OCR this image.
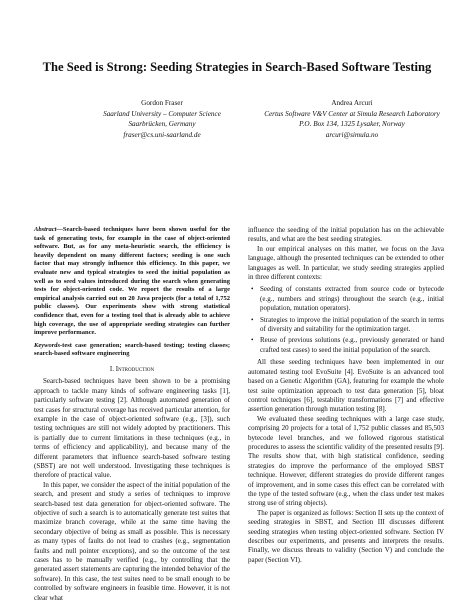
The Seed is Strong: Seeding Strategies in Search-Based Software Testing
Gordon Fraser
Saarland University – Computer Science
Saarbrücken, Germany
fraser@cs.uni-saarland.de
Andrea Arcuri
Certus Software V&V Center at Simula Research Laboratory
P.O. Box 134, 1325 Lysaker, Norway
arcuri@simula.no
Abstract—Search-based techniques have been shown useful for the task of generating tests, for example in the case of object-oriented software. But, as for any meta-heuristic search, the efficiency is heavily dependent on many different factors; seeding is one such factor that may strongly influence this efficiency. In this paper, we evaluate new and typical strategies to seed the initial population as well as to seed values introduced during the search when generating tests for object-oriented code. We report the results of a large empirical analysis carried out on 20 Java projects (for a total of 1,752 public classes). Our experiments show with strong statistical confidence that, even for a testing tool that is already able to achieve high coverage, the use of appropriate seeding strategies can further improve performance.
Keywords-test case generation; search-based testing; testing classes; search-based software engineering
I. Introduction

Search-based techniques have been shown to be a promising approach to tackle many kinds of software engineering tasks [1], particularly software testing [2]. Although automated generation of test cases for structural coverage has received particular attention, for example in the case of object-oriented software (e.g., [3]), such testing techniques are still not widely adopted by practitioners. This is partially due to current limitations in these techniques (e.g., in terms of efficiency and applicability), and because many of the different parameters that influence search-based software testing (SBST) are not well understood. Investigating these techniques is therefore of practical value.

In this paper, we consider the aspect of the initial population of the search, and present and study a series of techniques to improve search-based test data generation for object-oriented software. The objective of such a search is to automatically generate test suites that maximize branch coverage, while at the same time having the secondary objective of being as small as possible. This is necessary as many types of faults do not lead to crashes (e.g., segmentation faults and null pointer exceptions), and so the outcome of the test cases has to be manually verified (e.g., by controlling that the generated assert statements are capturing the intended behavior of the software). In this case, the test suites need to be small enough to be controlled by software engineers in feasible time. However, it is not clear what

influence the seeding of the initial population has on the achievable results, and what are the best seeding strategies.

In our empirical analyses on this matter, we focus on the Java language, although the presented techniques can be extended to other languages as well. In particular, we study seeding strategies applied in three different contexts:

• Seeding of constants extracted from source code or bytecode (e.g., numbers and strings) throughout the search (e.g., initial population, mutation operators).
• Strategies to improve the initial population of the search in terms of diversity and suitability for the optimization target.
• Reuse of previous solutions (e.g., previously generated or hand crafted test cases) to seed the initial population of the search.

All these seeding techniques have been implemented in our automated testing tool EvoSuite [4]. EvoSuite is an advanced tool based on a Genetic Algorithm (GA), featuring for example the whole test suite optimization approach to test data generation [5], bloat control techniques [6], testability transformations [7] and effective assertion generation through mutation testing [8].

We evaluated these seeding techniques with a large case study, comprising 20 projects for a total of 1,752 public classes and 85,503 bytecode level branches, and we followed rigorous statistical procedures to assess the scientific validity of the presented results [9]. The results show that, with high statistical confidence, seeding strategies do improve the performance of the employed SBST technique. However, different strategies do provide different ranges of improvement, and in some cases this effect can be correlated with the type of the tested software (e.g., when the class under test makes strong use of string objects).

The paper is organized as follows: Section II sets up the context of seeding strategies in SBST, and Section III discusses different seeding strategies when testing object-oriented software. Section IV describes our experiments, and presents and interprets the results. Finally, we discuss threats to validity (Section V) and conclude the paper (Section VI).
